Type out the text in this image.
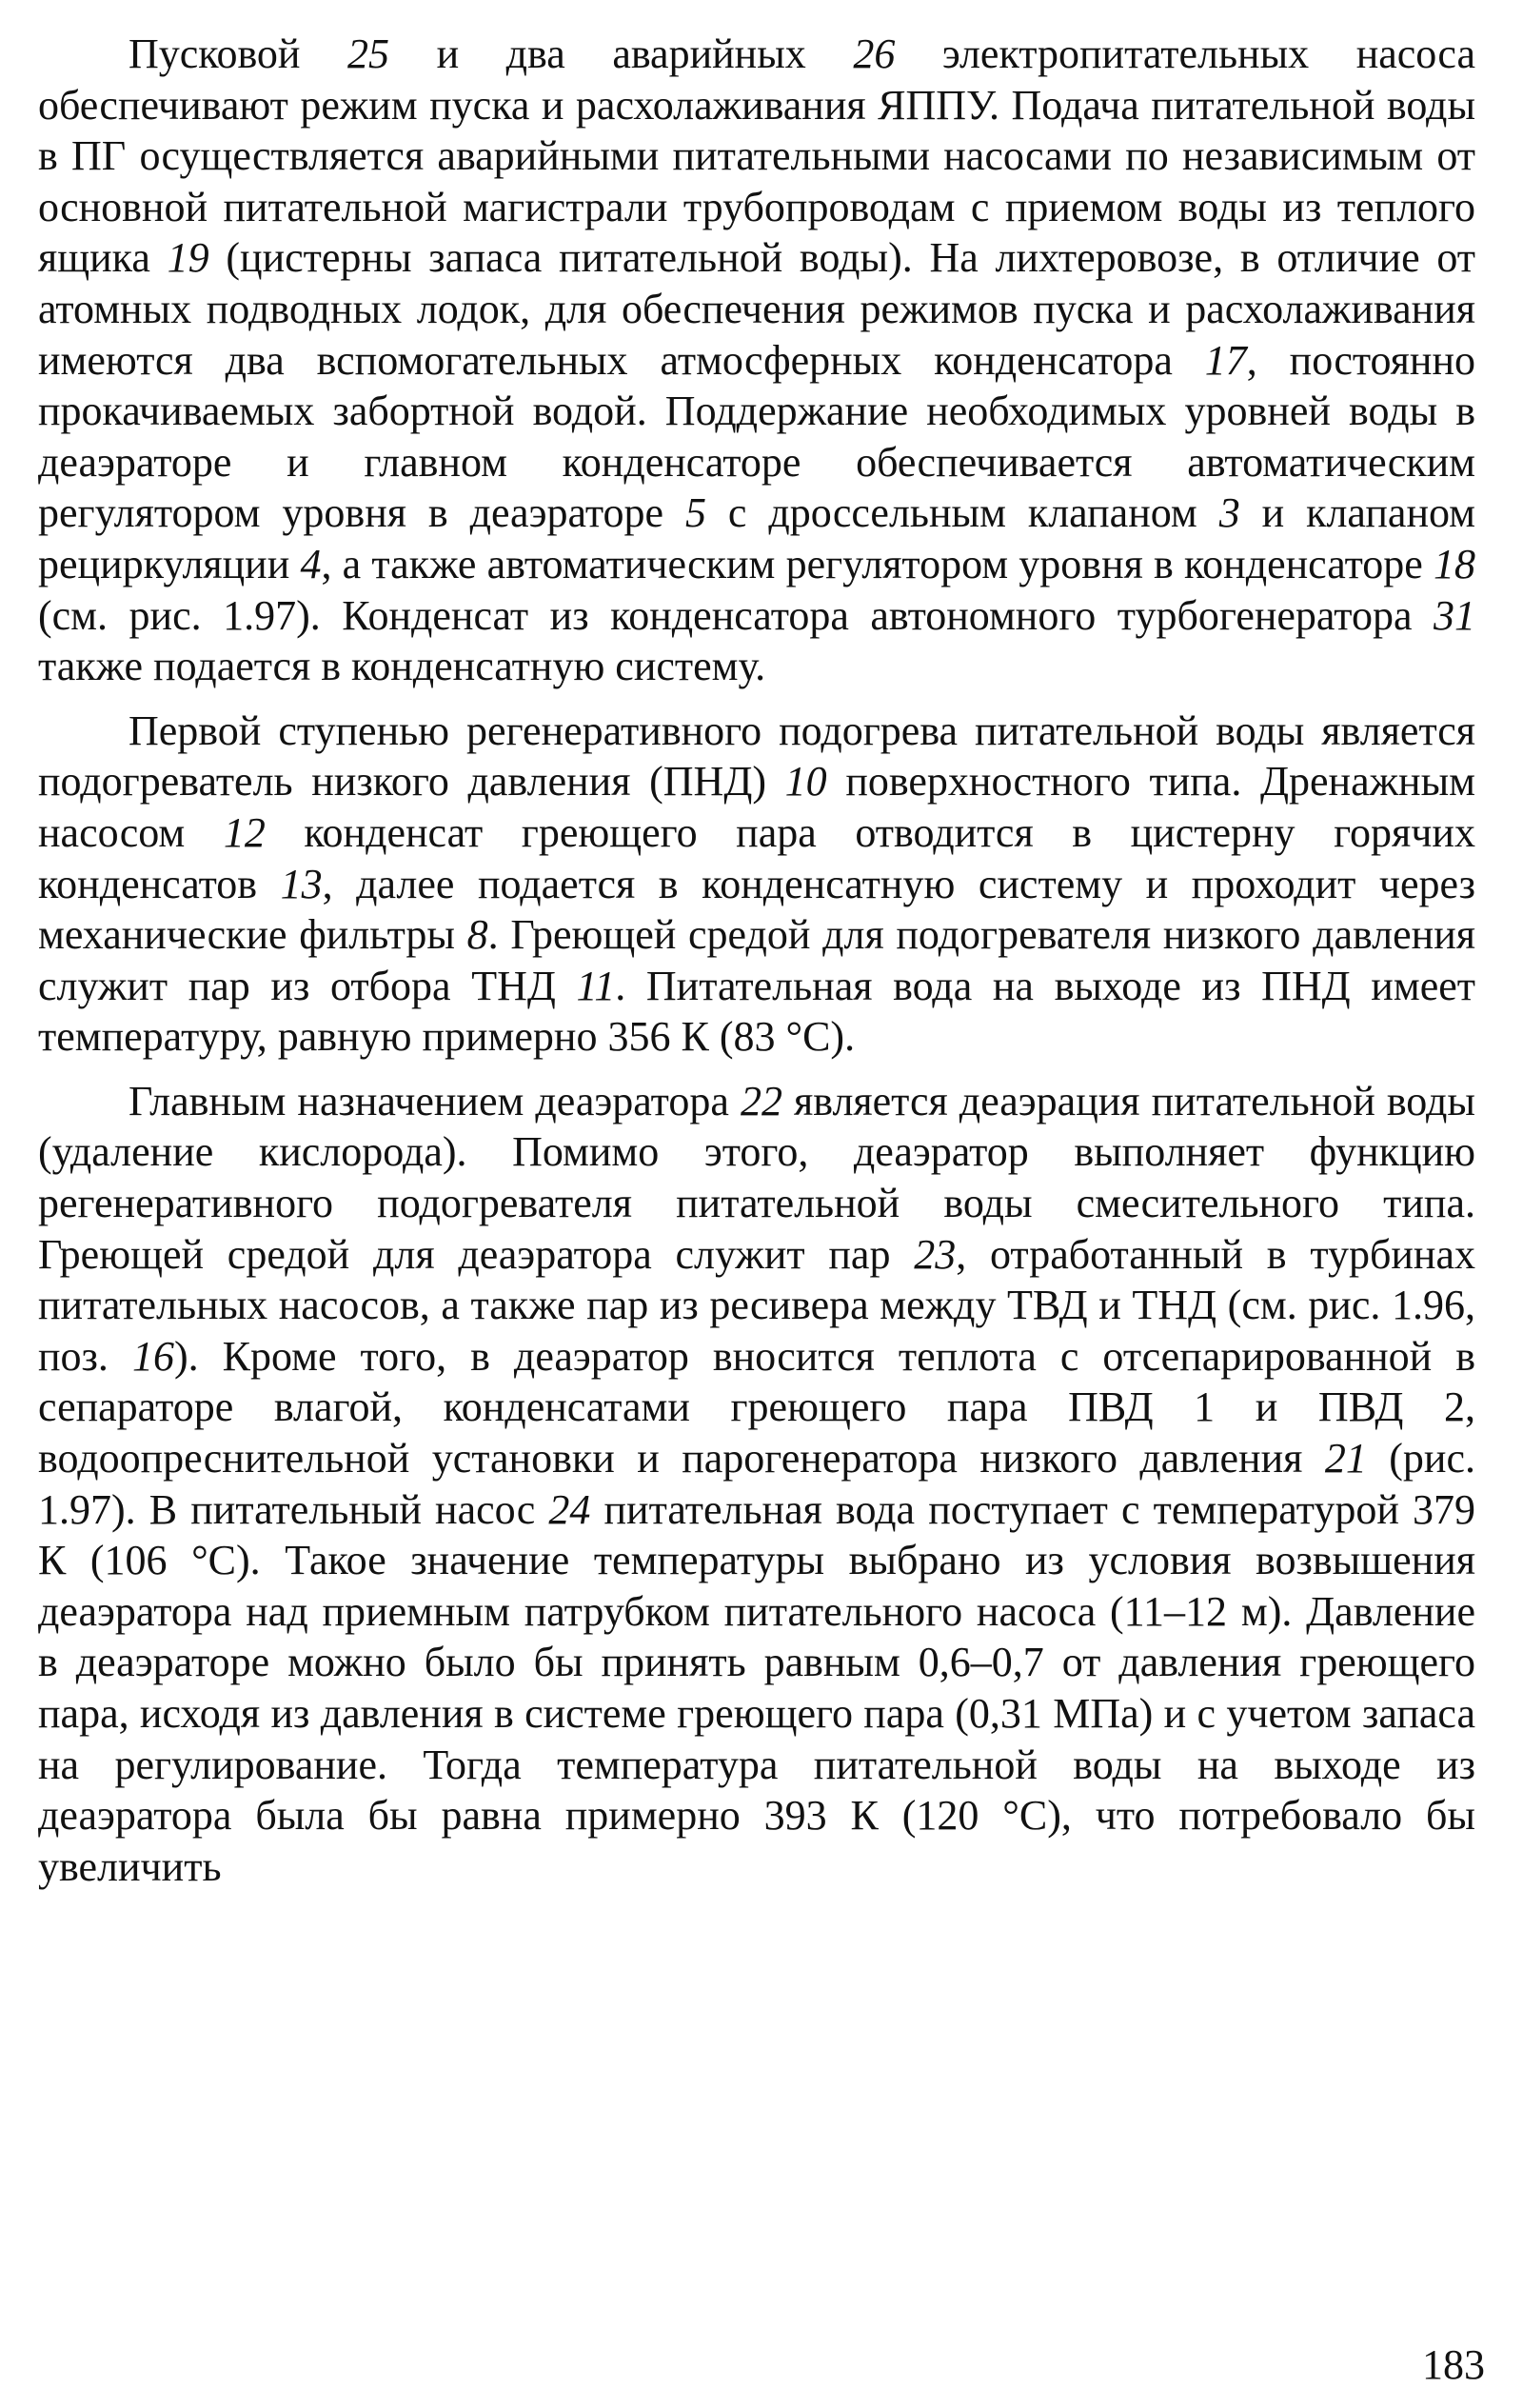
Пусковой 25 и два аварийных 26 электропитательных насоса обеспечивают режим пуска и расхолаживания ЯППУ. Подача питательной воды в ПГ осуществляется аварийными питательными насосами по независимым от основной питательной магистрали трубопроводам с приемом воды из теплого ящика 19 (цистерны запаса питательной воды). На лихтеровозе, в отличие от атомных подводных лодок, для обеспечения режимов пуска и расхолаживания имеются два вспомогательных атмосферных конденсатора 17, постоянно прокачиваемых забортной водой. Поддержание необходимых уровней воды в деаэраторе и главном конденсаторе обеспечивается автоматическим регулятором уровня в деаэраторе 5 с дроссельным клапаном 3 и клапаном рециркуляции 4, а также автоматическим регулятором уровня в конденсаторе 18 (см. рис. 1.97). Конденсат из конденсатора автономного турбогенератора 31 также подается в конденсатную систему.

Первой ступенью регенеративного подогрева питательной воды является подогреватель низкого давления (ПНД) 10 поверхностного типа. Дренажным насосом 12 конденсат греющего пара отводится в цистерну горячих конденсатов 13, далее подается в конденсатную систему и проходит через механические фильтры 8. Греющей средой для подогревателя низкого давления служит пар из отбора ТНД 11. Питательная вода на выходе из ПНД имеет температуру, равную примерно 356 К (83 °С).

Главным назначением деаэратора 22 является деаэрация питательной воды (удаление кислорода). Помимо этого, деаэратор выполняет функцию регенеративного подогревателя питательной воды смесительного типа. Греющей средой для деаэратора служит пар 23, отработанный в турбинах питательных насосов, а также пар из ресивера между ТВД и ТНД (см. рис. 1.96, поз. 16). Кроме того, в деаэратор вносится теплота с отсепарированной в сепараторе влагой, конденсатами греющего пара ПВД 1 и ПВД 2, водоопреснительной установки и парогенератора низкого давления 21 (рис. 1.97). В питательный насос 24 питательная вода поступает с температурой 379 К (106 °С). Такое значение температуры выбрано из условия возвышения деаэратора над приемным патрубком питательного насоса (11–12 м). Давление в деаэраторе можно было бы принять равным 0,6–0,7 от давления греющего пара, исходя из давления в системе греющего пара (0,31 МПа) и с учетом запаса на регулирование. Тогда температура питательной воды на выходе из деаэратора была бы равна примерно 393 К (120 °С), что потребовало бы увеличить

183
